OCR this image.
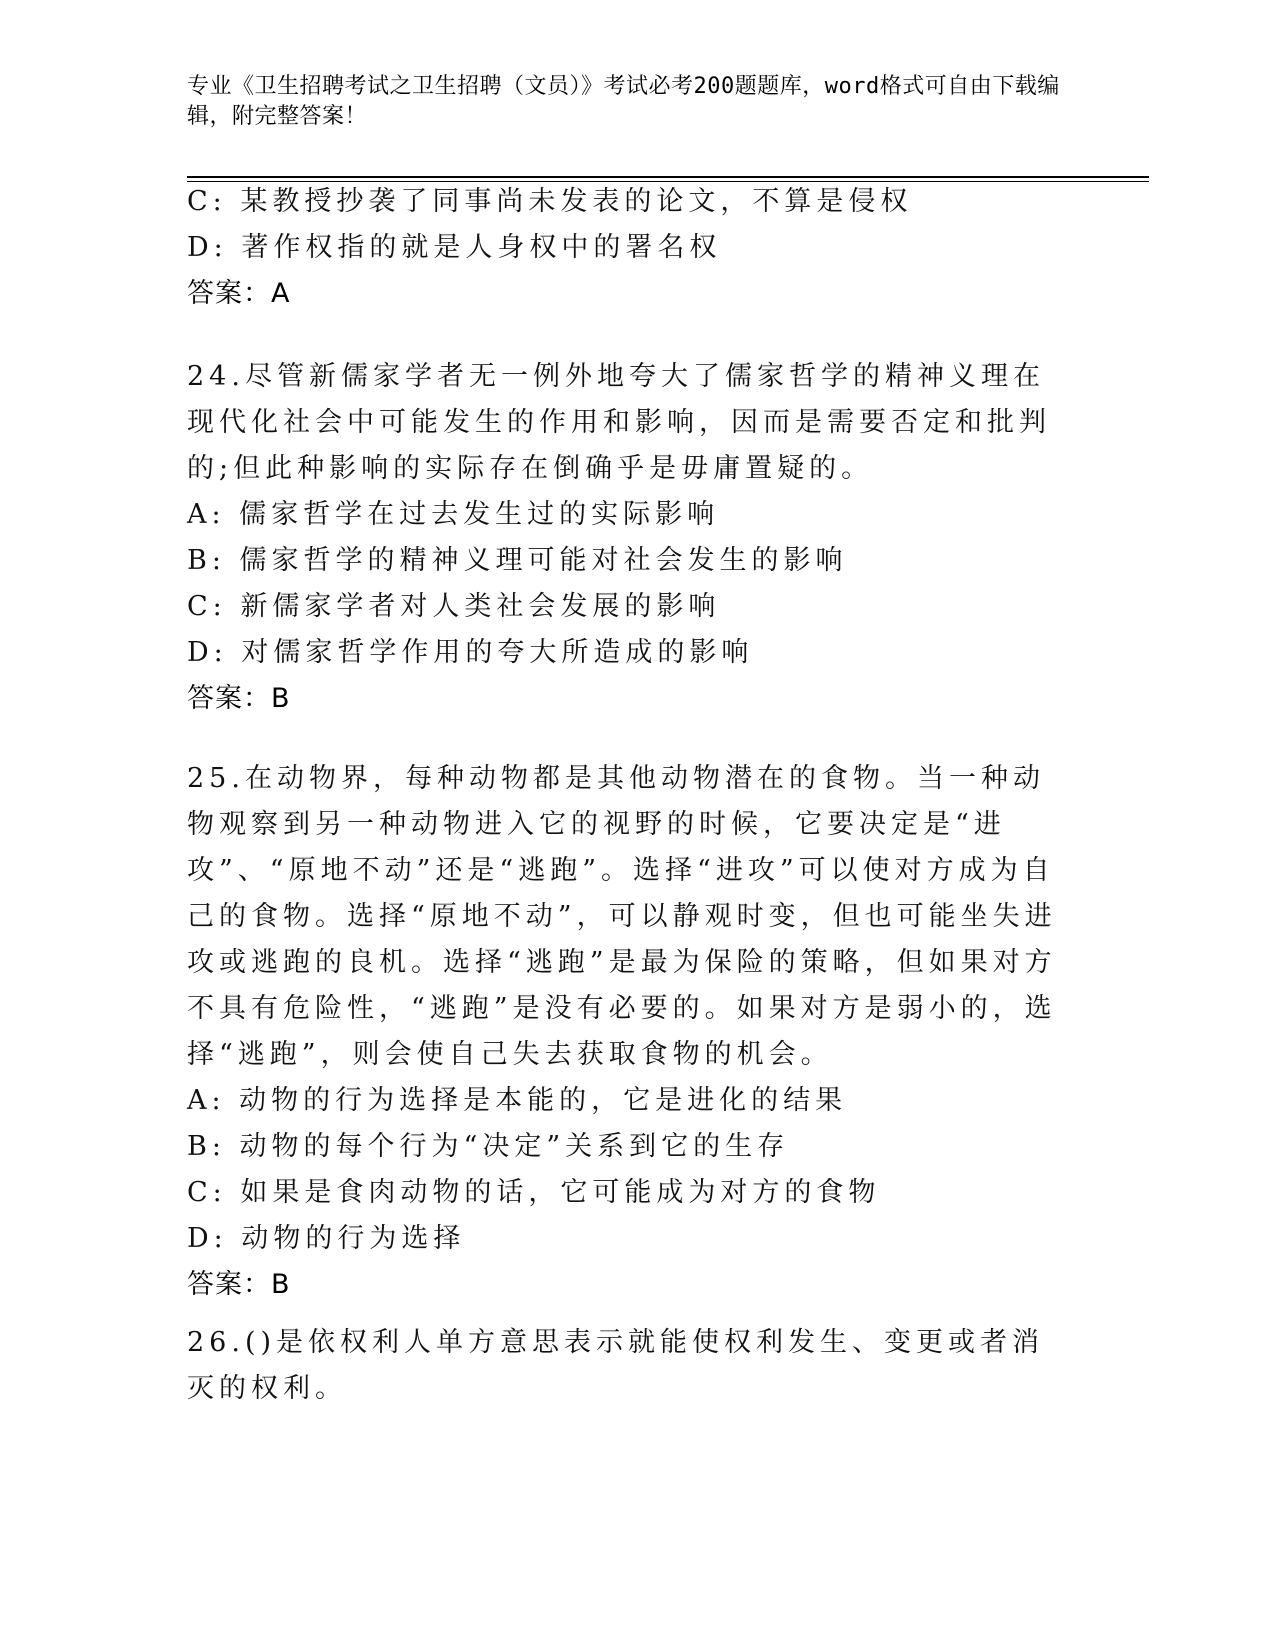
专业《卫生招聘考试之卫生招聘（文员）》考试必考200题题库，word格式可自由下载编辑，附完整答案！
C: 某教授抄袭了同事尚未发表的论文，不算是侵权
D: 著作权指的就是人身权中的署名权
答案：A
24.尽管新儒家学者无一例外地夸大了儒家哲学的精神义理在现代化社会中可能发生的作用和影响，因而是需要否定和批判的;但此种影响的实际存在倒确乎是毋庸置疑的。
A: 儒家哲学在过去发生过的实际影响
B: 儒家哲学的精神义理可能对社会发生的影响
C: 新儒家学者对人类社会发展的影响
D: 对儒家哲学作用的夸大所造成的影响
答案：B
25.在动物界，每种动物都是其他动物潜在的食物。当一种动物观察到另一种动物进入它的视野的时候，它要决定是“进攻”、“原地不动”还是“逃跑”。选择“进攻”可以使对方成为自己的食物。选择“原地不动”，可以静观时变，但也可能坐失进攻或逃跑的良机。选择“逃跑”是最为保险的策略，但如果对方不具有危险性，“逃跑”是没有必要的。如果对方是弱小的，选择“逃跑”，则会使自己失去获取食物的机会。
A: 动物的行为选择是本能的，它是进化的结果
B: 动物的每个行为“决定”关系到它的生存
C: 如果是食肉动物的话，它可能成为对方的食物
D: 动物的行为选择
答案：B
26.()是依权利人单方意思表示就能使权利发生、变更或者消灭的权利。
